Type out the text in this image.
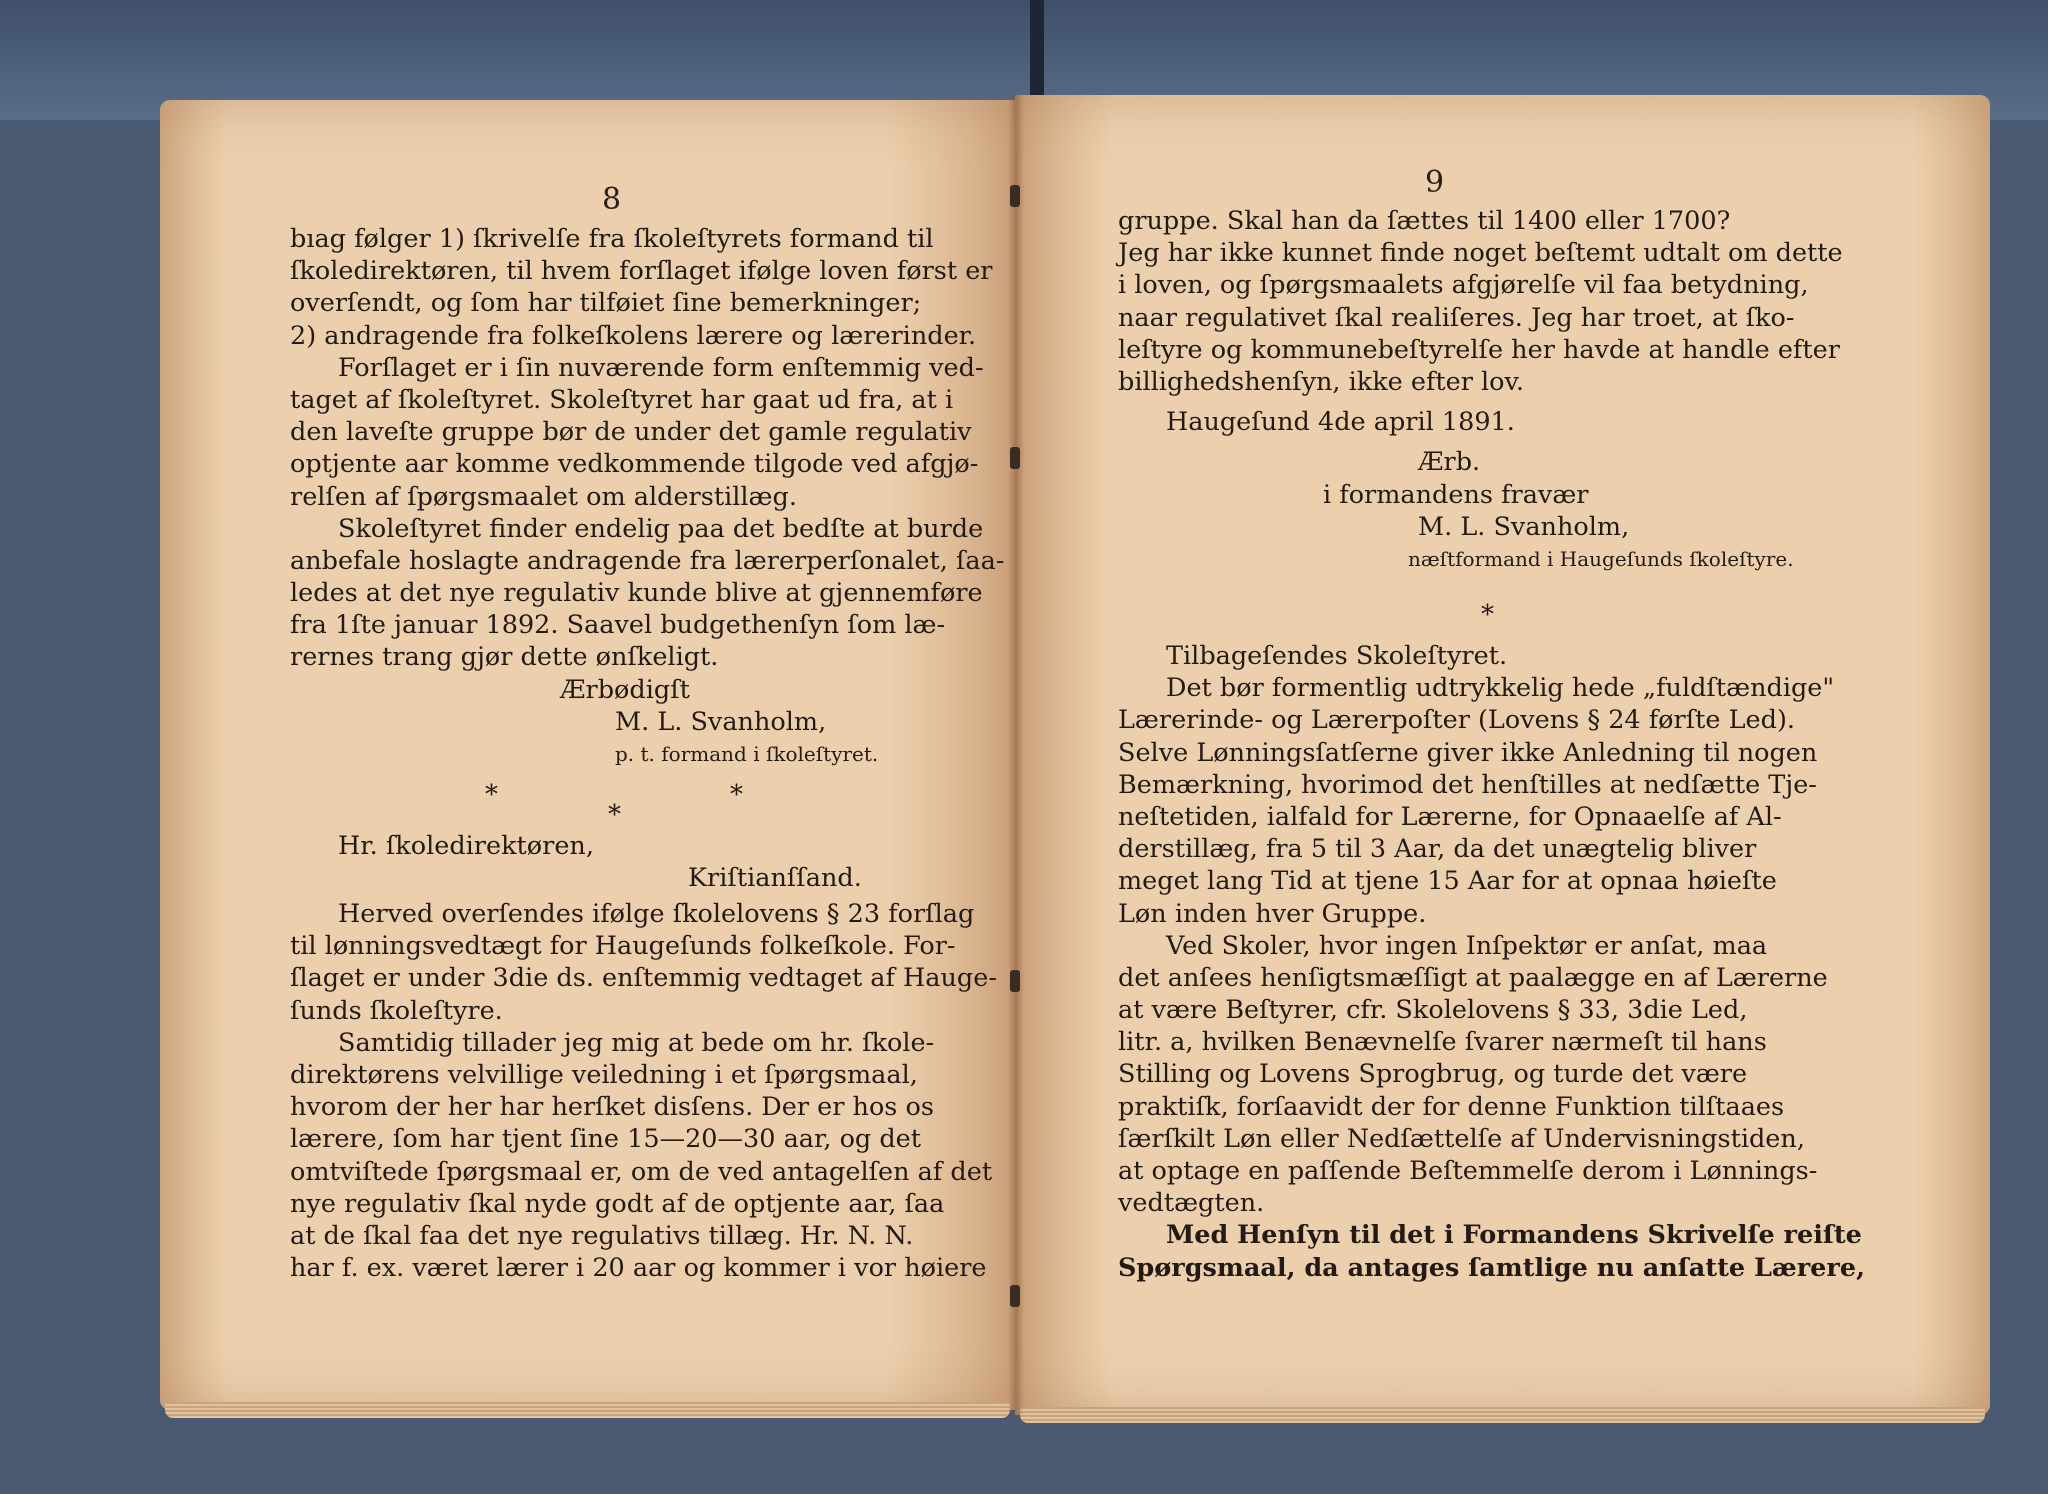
8
bıag følger 1) ſkrivelſe fra ſkoleſtyrets formand til
ſkoledirektøren, til hvem forſlaget ifølge loven først er
overſendt, og ſom har tilføiet ſine bemerkninger;
2) andragende fra folkeſkolens lærere og lærerinder.
Forſlaget er i ſin nuværende form enſtemmig ved-
taget af ſkoleſtyret. Skoleſtyret har gaat ud fra, at i
den laveſte gruppe bør de under det gamle regulativ
optjente aar komme vedkommende tilgode ved afgjø-
relſen af ſpørgsmaalet om alderstillæg.
Skoleſtyret finder endelig paa det bedſte at burde
anbefale hoslagte andragende fra lærerperſonalet, ſaa-
ledes at det nye regulativ kunde blive at gjennemføre
fra 1ſte januar 1892. Saavel budgethenſyn ſom læ-
rernes trang gjør dette ønſkeligt.
Ærbødigſt
M. L. Svanholm,
p. t. formand i ſkoleſtyret.
*
*
*
Hr. ſkoledirektøren,
Kriſtianſſand.
Herved overſendes ifølge ſkolelovens § 23 forſlag
til lønningsvedtægt for Haugeſunds folkeſkole. For-
ſlaget er under 3die ds. enſtemmig vedtaget af Hauge-
ſunds ſkoleſtyre.
Samtidig tillader jeg mig at bede om hr. ſkole-
direktørens velvillige veiledning i et ſpørgsmaal,
hvorom der her har herſket disſens. Der er hos os
lærere, ſom har tjent ſine 15—20—30 aar, og det
omtviſtede ſpørgsmaal er, om de ved antagelſen af det
nye regulativ ſkal nyde godt af de optjente aar, ſaa
at de ſkal faa det nye regulativs tillæg. Hr. N. N.
har f. ex. været lærer i 20 aar og kommer i vor høiere
9
gruppe. Skal han da ſættes til 1400 eller 1700?
Jeg har ikke kunnet finde noget beſtemt udtalt om dette
i loven, og ſpørgsmaalets afgjørelſe vil faa betydning,
naar regulativet ſkal realiſeres. Jeg har troet, at ſko-
leſtyre og kommunebeſtyrelſe her havde at handle efter
billighedshenſyn, ikke efter lov.
Haugeſund 4de april 1891.
Ærb.
i formandens fravær
M. L. Svanholm,
næſtformand i Haugeſunds ſkoleſtyre.
*
Tilbageſendes Skoleſtyret.
Det bør formentlig udtrykkelig hede „fuldſtændige"
Lærerinde- og Lærerpoſter (Lovens § 24 førſte Led).
Selve Lønningsſatſerne giver ikke Anledning til nogen
Bemærkning, hvorimod det henſtilles at nedſætte Tje-
neſtetiden, ialfald for Lærerne, for Opnaaelſe af Al-
derstillæg, fra 5 til 3 Aar, da det unægtelig bliver
meget lang Tid at tjene 15 Aar for at opnaa høieſte
Løn inden hver Gruppe.
Ved Skoler, hvor ingen Inſpektør er anſat, maa
det anſees henſigtsmæſſigt at paalægge en af Lærerne
at være Beſtyrer, cfr. Skolelovens § 33, 3die Led,
litr. a, hvilken Benævnelſe ſvarer nærmeſt til hans
Stilling og Lovens Sprogbrug, og turde det være
praktiſk, forſaavidt der for denne Funktion tilſtaaes
ſærſkilt Løn eller Nedſættelſe af Undervisningstiden,
at optage en paſſende Beſtemmelſe derom i Lønnings-
vedtægten.
Med Henſyn til det i Formandens Skrivelſe reiſte
Spørgsmaal, da antages ſamtlige nu anſatte Lærere,
